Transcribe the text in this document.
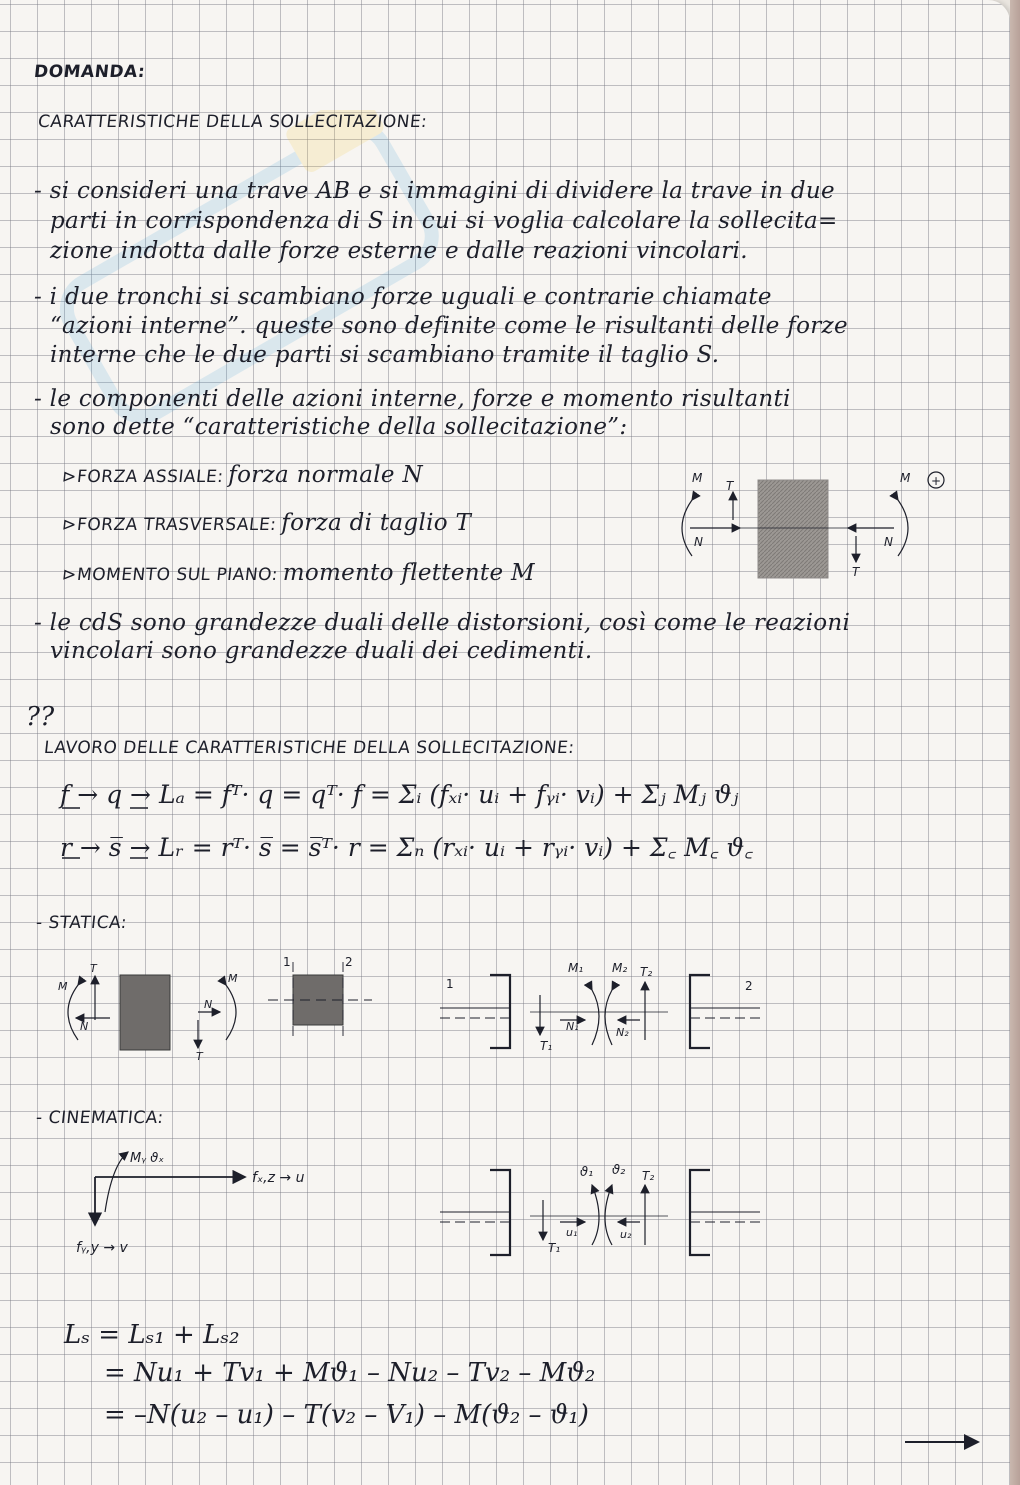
DOMANDA:
CARATTERISTICHE DELLA SOLLECITAZIONE:
- si consideri una trave AB e si immagini di dividere la trave in due
parti in corrispondenza di S in cui si voglia calcolare la sollecita=
zione indotta dalle forze esterne e dalle reazioni vincolari.
- i due tronchi si scambiano forze uguali e contrarie chiamate
“azioni interne”. queste sono definite come le risultanti delle forze
interne che le due parti si scambiano tramite il taglio S.
- le componenti delle azioni interne, forze e momento risultanti
sono dette “caratteristiche della sollecitazione”:
⊳FORZA ASSIALE: forza normale N
⊳FORZA TRASVERSALE: forza di taglio T
⊳MOMENTO SUL PIANO: momento flettente M
- le cdS sono grandezze duali delle distorsioni, così come le reazioni
vincolari sono grandezze duali dei cedimenti.
??
LAVORO DELLE CARATTERISTICHE DELLA SOLLECITAZIONE:
f → q → Lₐ = fᵀ· q = qᵀ· f = Σᵢ (fₓᵢ· uᵢ + fᵧᵢ· vᵢ) + Σⱼ Mⱼ ϑⱼ
r → s̅ → Lᵣ = rᵀ· s̅ = s̅ᵀ· r = Σₙ (rₓᵢ· uᵢ + rᵧᵢ· vᵢ) + Σ꜀ M꜀ ϑ꜀
- STATICA:
- CINEMATICA:
Lₛ = Lₛ₁ + Lₛ₂
= Nu₁ + Tv₁ + Mϑ₁ – Nu₂ – Tv₂ – Mϑ₂
= –N(u₂ – u₁) – T(v₂ – V₁) – M(ϑ₂ – ϑ₁)
+
M	M
N	N
T
T
M
T
N
N
M
T
1	2
1	2
M₁ M₂ T₂
T₁
N₁	N₂
Mᵧ ϑₓ
fₓ,z → u
fᵧ,y → v
ϑ₁ ϑ₂ T₂
T₁
u₁	u₂
